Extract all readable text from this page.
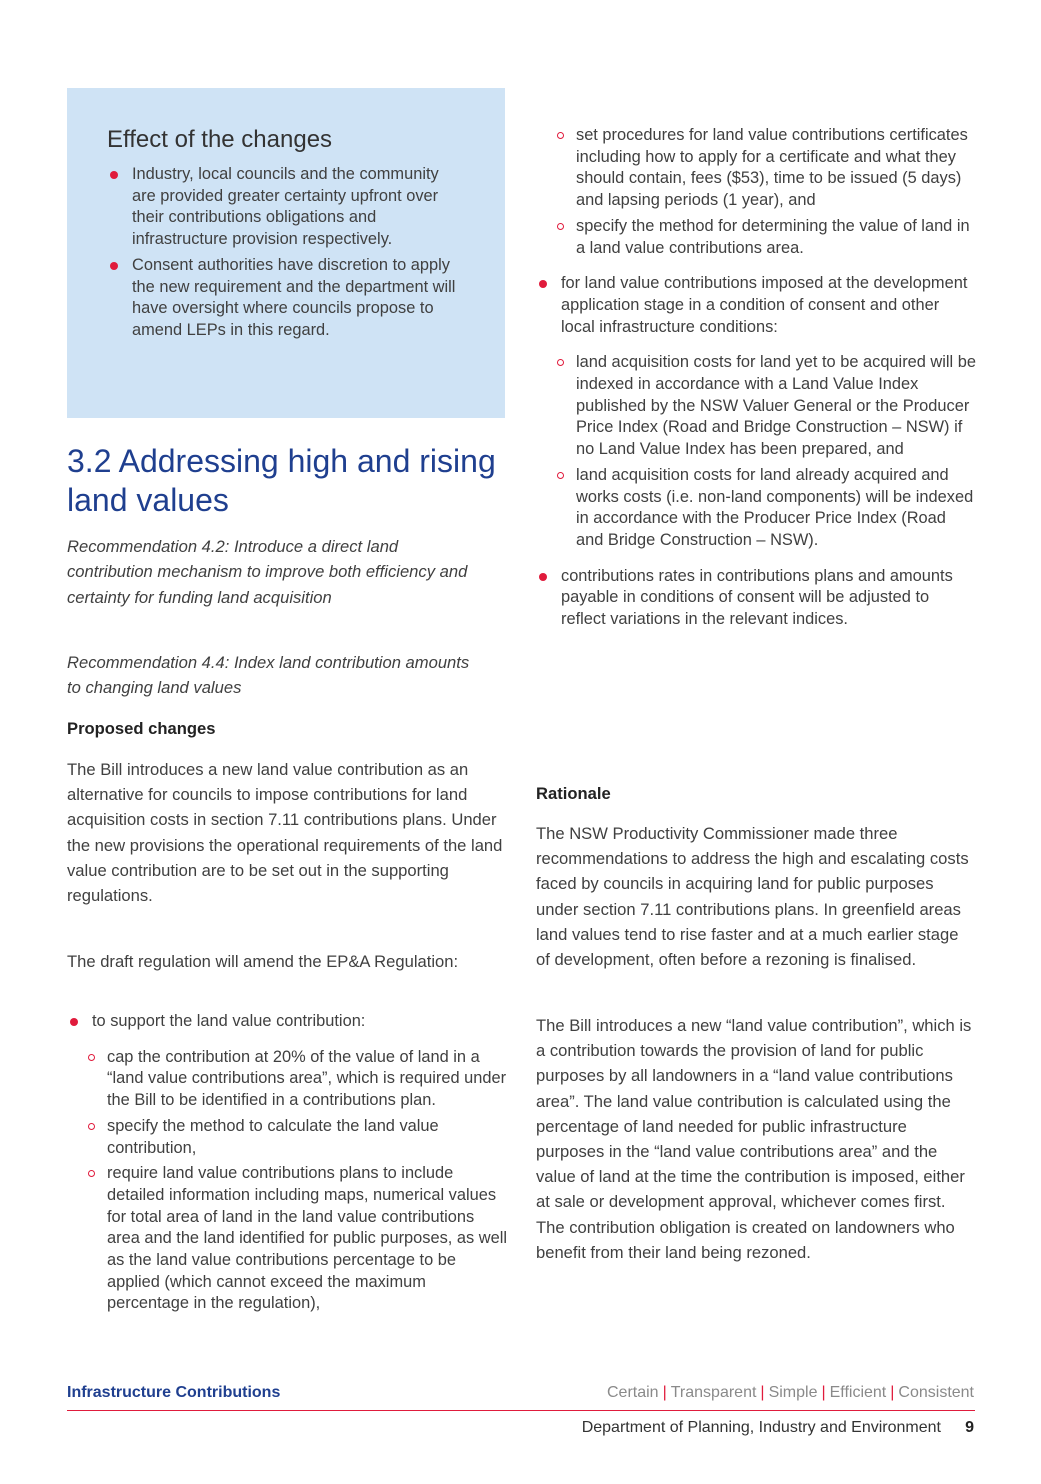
Effect of the changes
Industry, local councils and the community are provided greater certainty upfront over their contributions obligations and infrastructure provision respectively.
Consent authorities have discretion to apply the new requirement and the department will have oversight where councils propose to amend LEPs in this regard.
3.2 Addressing high and rising land values

Recommendation 4.2: Introduce a direct land contribution mechanism to improve both efficiency and certainty for funding land acquisition

Recommendation 4.4: Index land contribution amounts to changing land values

Proposed changes

The Bill introduces a new land value contribution as an alternative for councils to impose contributions for land acquisition costs in section 7.11 contributions plans. Under the new provisions the operational requirements of the land value contribution are to be set out in the supporting regulations.

The draft regulation will amend the EP&A Regulation:

to support the land value contribution:
cap the contribution at 20% of the value of land in a “land value contributions area”, which is required under the Bill to be identified in a contributions plan.
specify the method to calculate the land value contribution,
require land value contributions plans to include detailed information including maps, numerical values for total area of land in the land value contributions area and the land identified for public purposes, as well as the land value contributions percentage to be applied (which cannot exceed the maximum percentage in the regulation),
set procedures for land value contributions certificates including how to apply for a certificate and what they should contain, fees ($53), time to be issued (5 days) and lapsing periods (1 year), and
specify the method for determining the value of land in a land value contributions area.
for land value contributions imposed at the development application stage in a condition of consent and other local infrastructure conditions:
land acquisition costs for land yet to be acquired will be indexed in accordance with a Land Value Index published by the NSW Valuer General or the Producer Price Index (Road and Bridge Construction – NSW) if no Land Value Index has been prepared, and
land acquisition costs for land already acquired and works costs (i.e. non-land components) will be indexed in accordance with the Producer Price Index (Road and Bridge Construction – NSW).
contributions rates in contributions plans and amounts payable in conditions of consent will be adjusted to reflect variations in the relevant indices.
Rationale

The NSW Productivity Commissioner made three recommendations to address the high and escalating costs faced by councils in acquiring land for public purposes under section 7.11 contributions plans. In greenfield areas land values tend to rise faster and at a much earlier stage of development, often before a rezoning is finalised.

The Bill introduces a new “land value contribution”, which is a contribution towards the provision of land for public purposes by all landowners in a “land value contributions area”. The land value contribution is calculated using the percentage of land needed for public infrastructure purposes in the “land value contributions area” and the value of land at the time the contribution is imposed, either at sale or development approval, whichever comes first. The contribution obligation is created on landowners who benefit from their land being rezoned.

Infrastructure Contributions	Certain | Transparent | Simple | Efficient | Consistent
Department of Planning, Industry and Environment 9
